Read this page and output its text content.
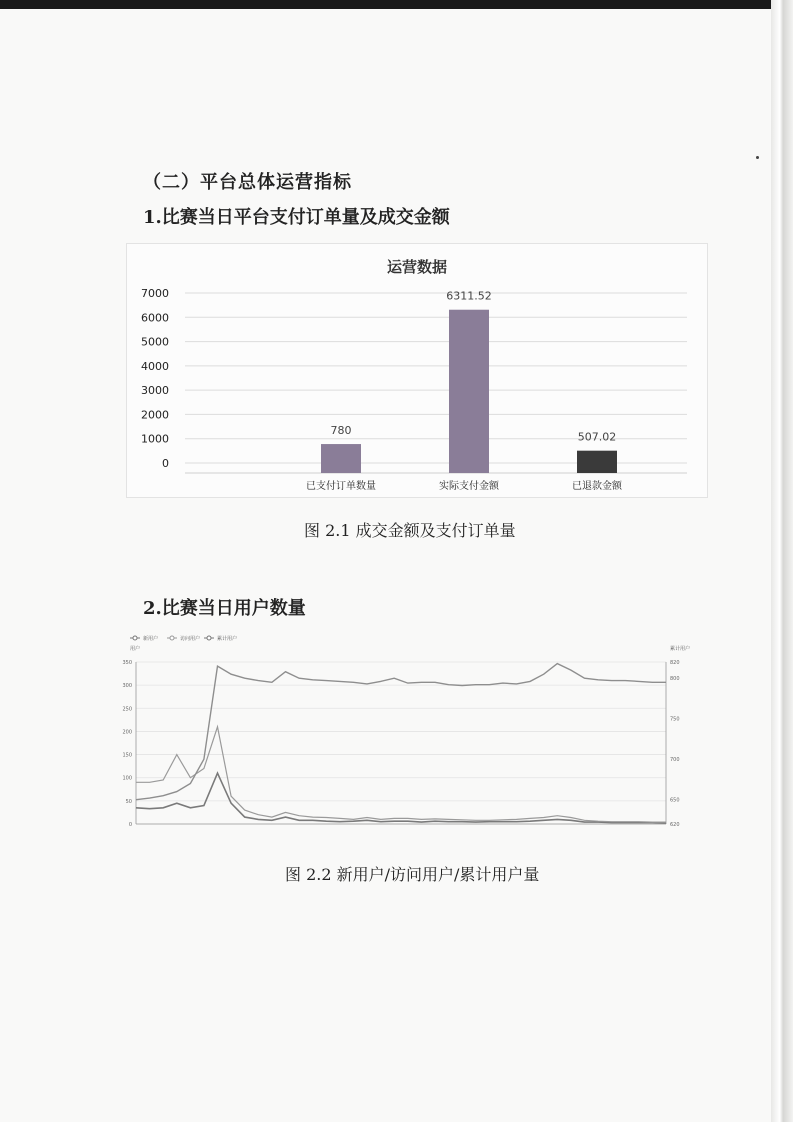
（二）平台总体运营指标
1.比赛当日平台支付订单量及成交金额
运营数据
0
1000
2000
3000
4000
5000
6000
7000
780
已支付订单数量
6311.52
实际支付金额
507.02
已退款金额
图 2.1 成交金额及支付订单量
2.比赛当日用户数量
新用户	访问用户	累计用户
用户	累计用户
0
50
100
150
200
250
300
350
620
650
700
750
800
820
图 2.2 新用户/访问用户/累计用户量
